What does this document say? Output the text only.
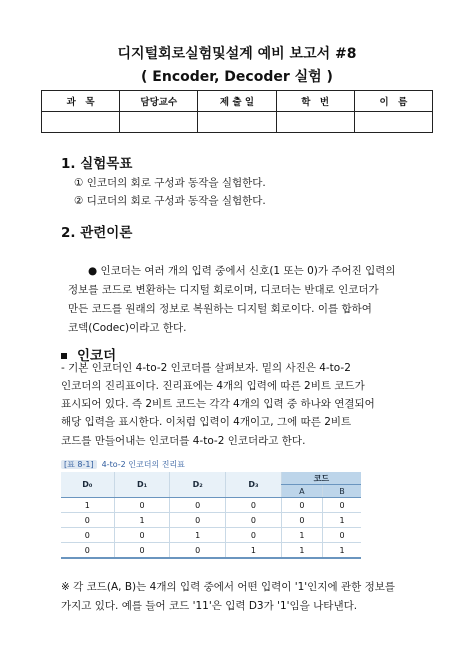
디지털회로실험및설계 예비 보고서 #8
( Encoder, Decoder 실험 )
과　목	담당교수	제 출 일	학　번	이　름

1. 실험목표
① 인코더의 회로 구성과 동작을 실험한다.
② 디코더의 회로 구성과 동작을 실험한다.
2. 관련이론
● 인코더는 여러 개의 입력 중에서 신호(1 또는 0)가 주어진 입력의
정보를 코드로 변환하는 디지털 회로이며, 디코더는 반대로 인코더가
만든 코드를 원래의 정보로 복원하는 디지털 회로이다. 이를 합하여
코덱(Codec)이라고 한다.
인코더
- 기본 인코더인 4-to-2 인코더를 살펴보자. 밑의 사진은 4-to-2
인코더의 진리표이다. 진리표에는 4개의 입력에 따른 2비트 코드가
표시되어 있다. 즉 2비트 코드는 각각 4개의 입력 중 하나와 연결되어
해당 입력을 표시한다. 이처럼 입력이 4개이고, 그에 따른 2비트
[표 8-1] 4-to-2 인코더의 진리표
D₀	D₁	D₂	D₃	코드	
				A	B
1	0	0	0	0	0
0	1	0	0	0	1
0	0	1	0	1	0
0	0	0	1	1	1
코드를 만들어내는 인코더를 4-to-2 인코더라고 한다.
※ 각 코드(A, B)는 4개의 입력 중에서 어떤 입력이 '1'인지에 관한 정보를
가지고 있다. 예를 들어 코드 '11'은 입력 D3가 '1'임을 나타낸다.
